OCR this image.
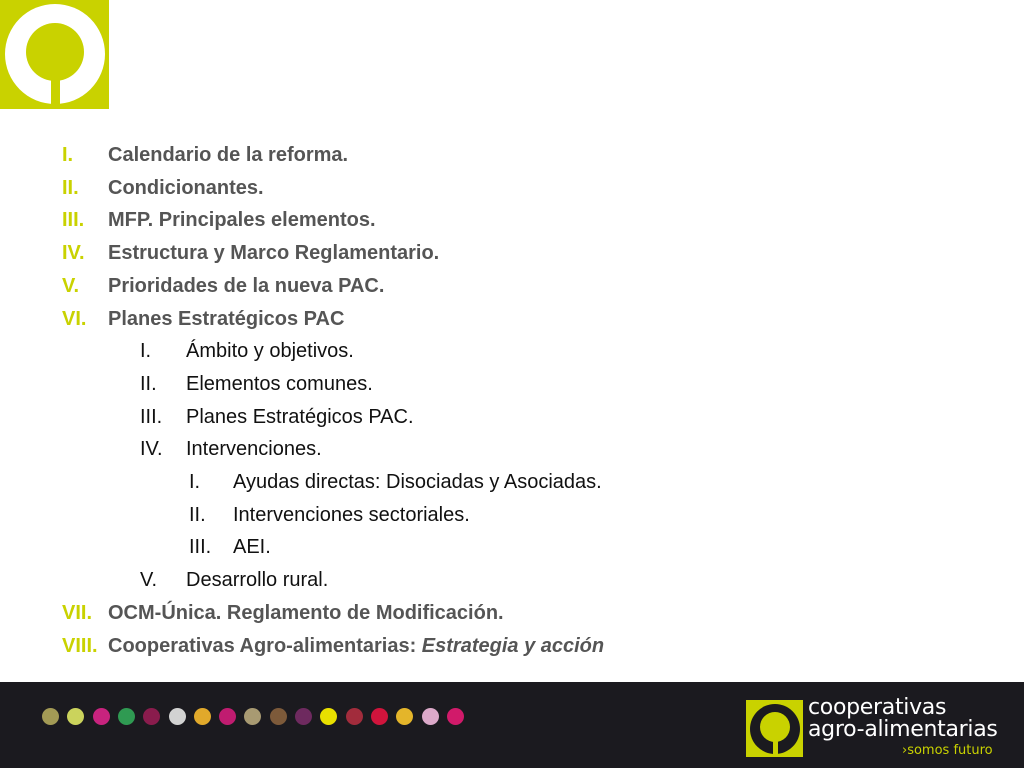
I. Calendario de la reforma.
II. Condicionantes.
III. MFP. Principales elementos.
IV. Estructura y Marco Reglamentario.
V. Prioridades de la nueva PAC.
VI. Planes Estratégicos PAC
I. Ámbito y objetivos.
II. Elementos comunes.
III. Planes Estratégicos PAC.
IV. Intervenciones.
I. Ayudas directas: Disociadas y Asociadas.
II. Intervenciones sectoriales.
III. AEI.
V. Desarrollo rural.
VII. OCM-Única. Reglamento de Modificación.
VIII. Cooperativas Agro-alimentarias: Estrategia y acción
cooperativas
agro-alimentarias
›somos futuro
